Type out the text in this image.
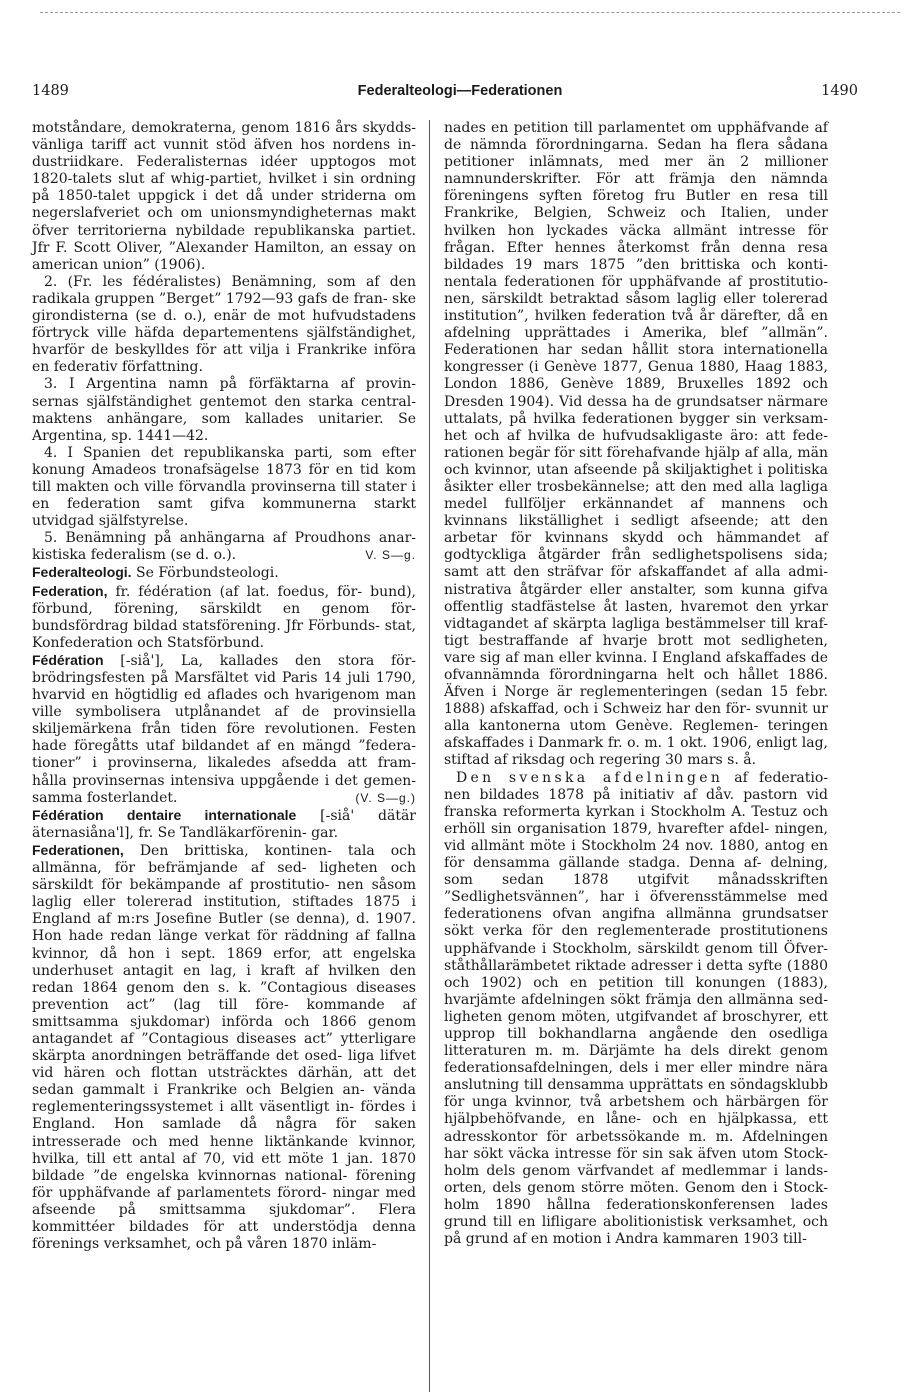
1489	Federalteologi—Federationen	1490

motståndare, demokraterna, genom 1816 års skydds- vänliga tariff act vunnit stöd äfven hos nordens in- dustriidkare. Federalisternas idéer upptogos mot 1820-talets slut af whig-partiet, hvilket i sin ordning på 1850-talet uppgick i det då under striderna om negerslafveriet och om unionsmyndigheternas makt öfver territorierna nybildade republikanska partiet. Jfr F. Scott Oliver, ”Alexander Hamilton, an essay on american union” (1906).

2. (Fr. les fédéralistes) Benämning, som af den radikala gruppen ”Berget” 1792—93 gafs de fran- ske girondisterna (se d. o.), enär de mot hufvudstadens förtryck ville häfda departementens själfständighet, hvarför de beskylldes för att vilja i Frankrike införa en federativ författning.

3. I Argentina namn på förfäktarna af provin- sernas själfständighet gentemot den starka central- maktens anhängare, som kallades unitarier. Se Argentina, sp. 1441—42.

4. I Spanien det republikanska parti, som efter konung Amadeos tronafsägelse 1873 för en tid kom till makten och ville förvandla provinserna till stater i en federation samt gifva kommunerna starkt utvidgad själfstyrelse.

5. Benämning på anhängarna af Proudhons anar- kistiska federalism (se d. o.).	V. S—g.

Federalteologi. Se Förbundsteologi.

Federation, fr. fédération (af lat. foedus, för- bund), förbund, förening, särskildt en genom för- bundsfördrag bildad statsförening. Jfr Förbunds- stat, Konfederation och Statsförbund.

Fédération [-siå'], La, kallades den stora för- brödringsfesten på Marsfältet vid Paris 14 juli 1790, hvarvid en högtidlig ed aflades och hvarigenom man ville symbolisera utplånandet af de provinsiella skiljemärkena från tiden före revolutionen. Festen hade föregåtts utaf bildandet af en mängd ”federa- tioner” i provinserna, likaledes afsedda att fram- hålla provinsernas intensiva uppgående i det gemen- samma fosterlandet.	(V. S—g.)

Fédération dentaire internationale [-siå' dätär äternasiåna'l], fr. Se Tandläkarförenin- gar.

Federationen, Den brittiska, kontinen- tala och allmänna, för befrämjande af sed- ligheten och särskildt för bekämpande af prostitutio- nen såsom laglig eller tolererad institution, stiftades 1875 i England af m:rs Josefine Butler (se denna), d. 1907. Hon hade redan länge verkat för räddning af fallna kvinnor, då hon i sept. 1869 erfor, att engelska underhuset antagit en lag, i kraft af hvilken den redan 1864 genom den s. k. ”Contagious diseases prevention act” (lag till före- kommande af smittsamma sjukdomar) införda och 1866 genom antagandet af ”Contagious diseases act” ytterligare skärpta anordningen beträffande det osed- liga lifvet vid hären och flottan utsträcktes därhän, att det sedan gammalt i Frankrike och Belgien an- vända reglementeringssystemet i allt väsentligt in- fördes i England. Hon samlade då några för saken intresserade och med henne liktänkande kvinnor, hvilka, till ett antal af 70, vid ett möte 1 jan. 1870 bildade ”de engelska kvinnornas national- förening för upphäfvande af parlamentets förord- ningar med afseende på smittsamma sjukdomar”. Flera kommittéer bildades för att understödja denna förenings verksamhet, och på våren 1870 inläm-

nades en petition till parlamentet om upphäfvande af de nämnda förordningarna. Sedan ha flera sådana petitioner inlämnats, med mer än 2 millioner namnunderskrifter. För att främja den nämnda föreningens syften företog fru Butler en resa till Frankrike, Belgien, Schweiz och Italien, under hvilken hon lyckades väcka allmänt intresse för frågan. Efter hennes återkomst från denna resa bildades 19 mars 1875 ”den brittiska och konti- nentala federationen för upphäfvande af prostitutio- nen, särskildt betraktad såsom laglig eller tolererad institution”, hvilken federation två år därefter, då en afdelning upprättades i Amerika, blef ”allmän”. Federationen har sedan hållit stora internationella kongresser (i Genève 1877, Genua 1880, Haag 1883, London 1886, Genève 1889, Bruxelles 1892 och Dresden 1904). Vid dessa ha de grundsatser närmare uttalats, på hvilka federationen bygger sin verksam- het och af hvilka de hufvudsakligaste äro: att fede- rationen begär för sitt förehafvande hjälp af alla, män och kvinnor, utan afseende på skiljaktighet i politiska åsikter eller trosbekännelse; att den med alla lagliga medel fullföljer erkännandet af mannens och kvinnans likställighet i sedligt afseende; att den arbetar för kvinnans skydd och hämmandet af godtyckliga åtgärder från sedlighetspolisens sida; samt att den sträfvar för afskaffandet af alla admi- nistrativa åtgärder eller anstalter, som kunna gifva offentlig stadfästelse åt lasten, hvaremot den yrkar vidtagandet af skärpta lagliga bestämmelser till kraf- tigt bestraffande af hvarje brott mot sedligheten, vare sig af man eller kvinna. I England afskaffades de ofvannämnda förordningarna helt och hållet 1886. Äfven i Norge är reglementeringen (sedan 15 febr. 1888) afskaffad, och i Schweiz har den för- svunnit ur alla kantonerna utom Genève. Reglemen- teringen afskaffades i Danmark fr. o. m. 1 okt. 1906, enligt lag, stiftad af riksdag och regering 30 mars s. å.

Den svenska afdelningen af federatio- nen bildades 1878 på initiativ af dåv. pastorn vid franska reformerta kyrkan i Stockholm A. Testuz och erhöll sin organisation 1879, hvarefter afdel- ningen, vid allmänt möte i Stockholm 24 nov. 1880, antog en för densamma gällande stadga. Denna af- delning, som sedan 1878 utgifvit månadsskriften ”Sedlighetsvännen”, har i öfverensstämmelse med federationens ofvan angifna allmänna grundsatser sökt verka för den reglementerade prostitutionens upphäfvande i Stockholm, särskildt genom till Öfver- ståthållarämbetet riktade adresser i detta syfte (1880 och 1902) och en petition till konungen (1883), hvarjämte afdelningen sökt främja den allmänna sed- ligheten genom möten, utgifvandet af broschyrer, ett upprop till bokhandlarna angående den osedliga litteraturen m. m. Därjämte ha dels direkt genom federationsafdelningen, dels i mer eller mindre nära anslutning till densamma upprättats en söndagsklubb för unga kvinnor, två arbetshem och härbärgen för hjälpbehöfvande, en låne- och en hjälpkassa, ett adresskontor för arbetssökande m. m. Afdelningen har sökt väcka intresse för sin sak äfven utom Stock- holm dels genom värfvandet af medlemmar i lands- orten, dels genom större möten. Genom den i Stock- holm 1890 hållna federationskonferensen lades grund till en lifligare abolitionistisk verksamhet, och på grund af en motion i Andra kammaren 1903 till-
